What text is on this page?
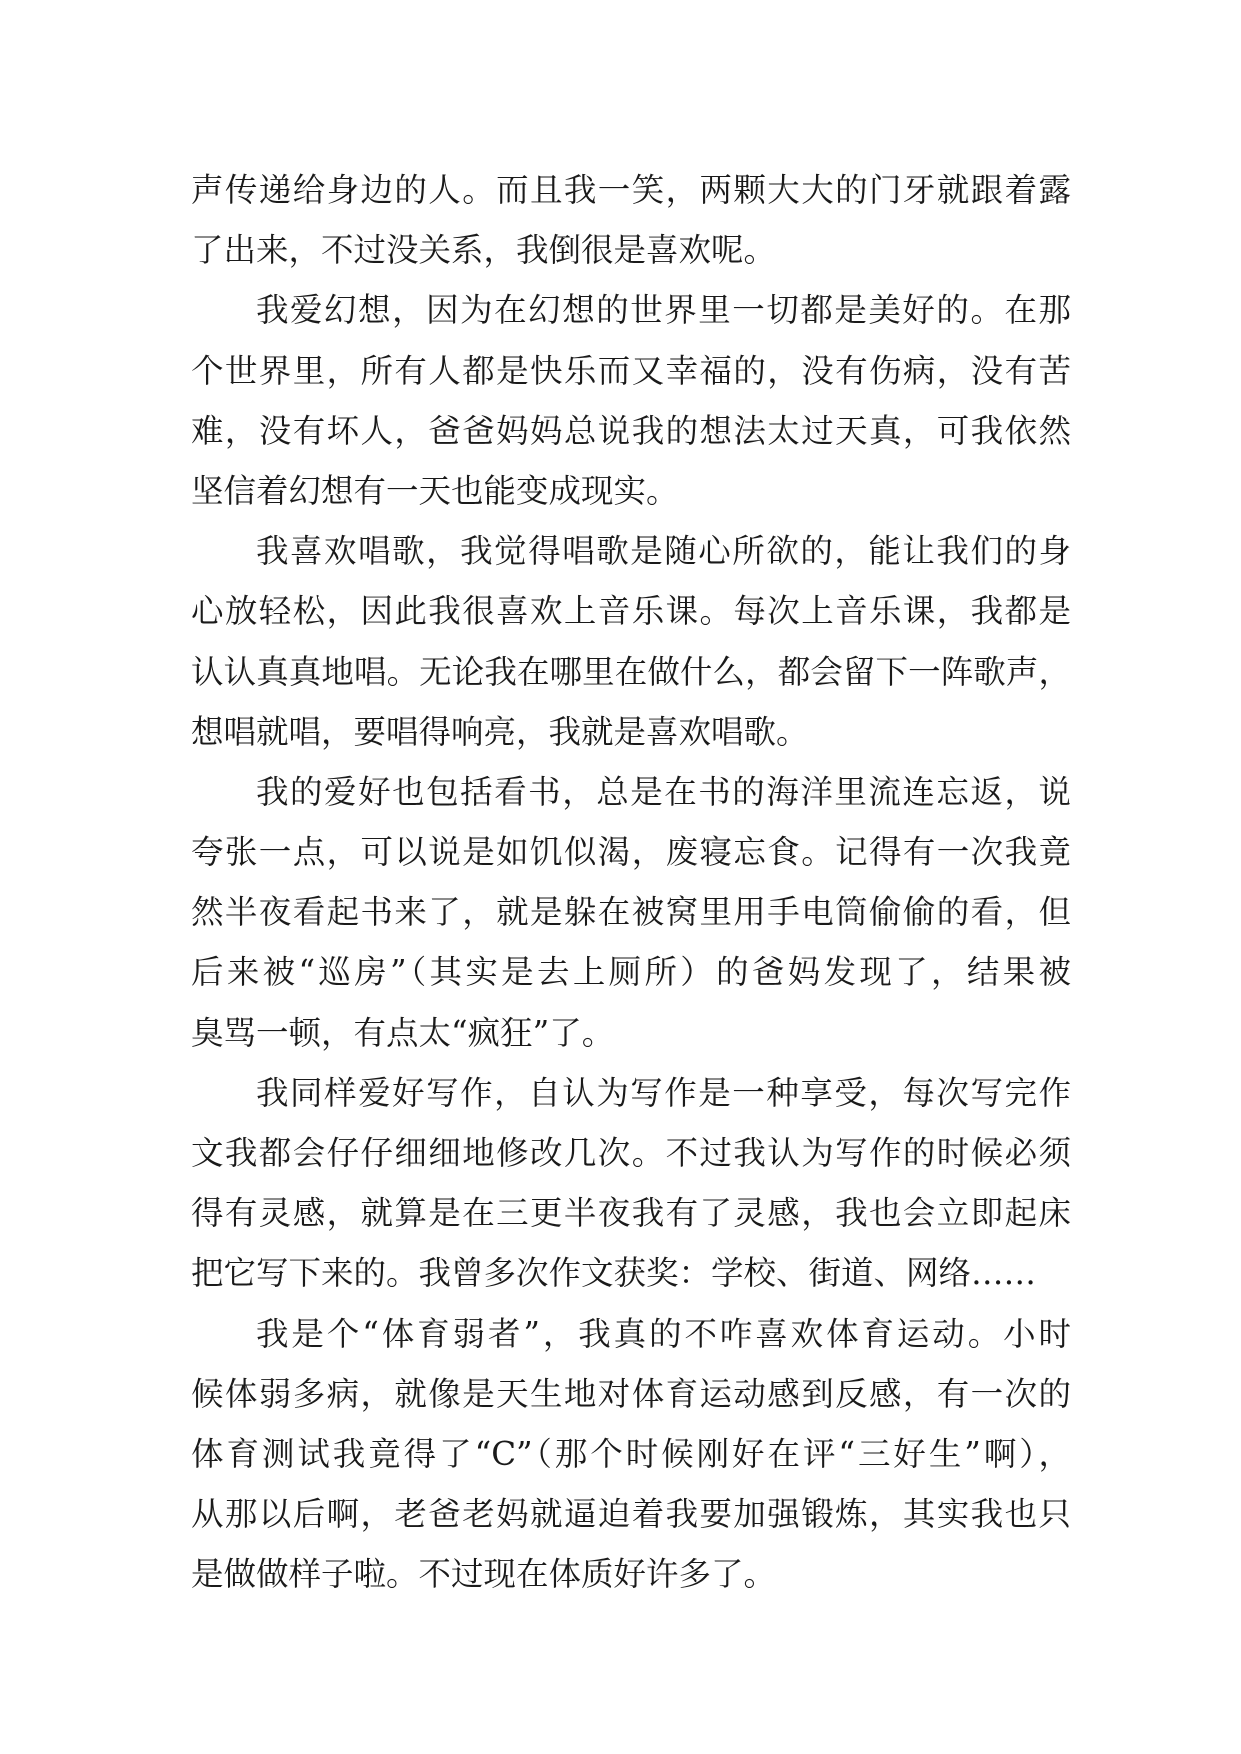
声传递给身边的人。而且我一笑，两颗大大的门牙就跟着露
了出来，不过没关系，我倒很是喜欢呢。
我爱幻想，因为在幻想的世界里一切都是美好的。在那
个世界里，所有人都是快乐而又幸福的，没有伤病，没有苦
难，没有坏人，爸爸妈妈总说我的想法太过天真，可我依然
坚信着幻想有一天也能变成现实。
我喜欢唱歌，我觉得唱歌是随心所欲的，能让我们的身
心放轻松，因此我很喜欢上音乐课。每次上音乐课，我都是
认认真真地唱。无论我在哪里在做什么，都会留下一阵歌声，
想唱就唱，要唱得响亮，我就是喜欢唱歌。
我的爱好也包括看书，总是在书的海洋里流连忘返，说
夸张一点，可以说是如饥似渴，废寝忘食。记得有一次我竟
然半夜看起书来了，就是躲在被窝里用手电筒偷偷的看，但
后来被“巡房”（其实是去上厕所）的爸妈发现了，结果被
臭骂一顿，有点太“疯狂”了。
我同样爱好写作，自认为写作是一种享受，每次写完作
文我都会仔仔细细地修改几次。不过我认为写作的时候必须
得有灵感，就算是在三更半夜我有了灵感，我也会立即起床
把它写下来的。我曾多次作文获奖：学校、街道、网络……
我是个“体育弱者”，我真的不咋喜欢体育运动。小时
候体弱多病，就像是天生地对体育运动感到反感，有一次的
体育测试我竟得了“C”（那个时候刚好在评“三好生”啊），
从那以后啊，老爸老妈就逼迫着我要加强锻炼，其实我也只
是做做样子啦。不过现在体质好许多了。
